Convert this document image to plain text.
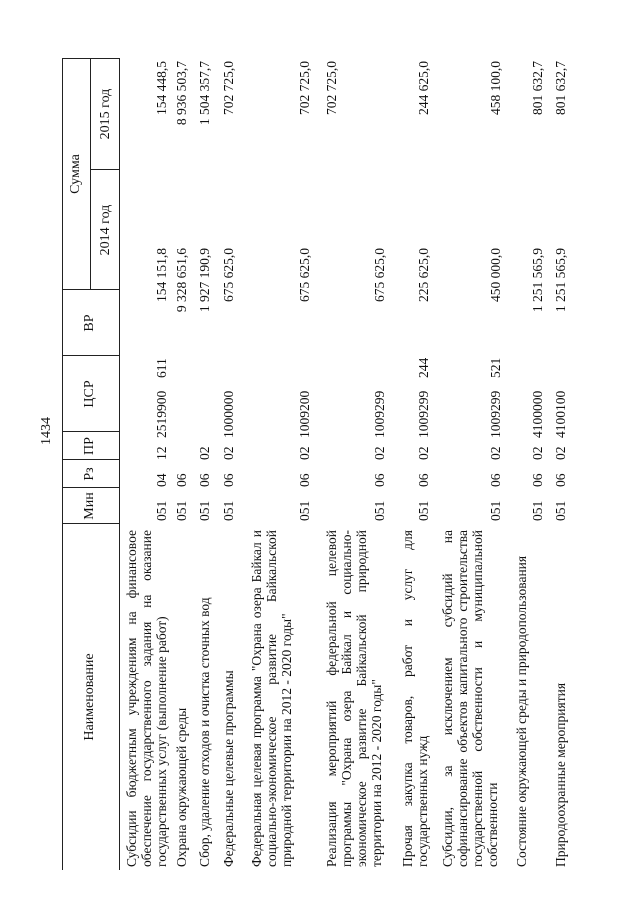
1434
Наименование
Мин
Рз
ПР
ЦСР
ВР
Сумма
2014 год
2015 год
Субсидии бюджетным учреждениям на финансовое обеспечение государственного задания на оказание государственных услуг (выполнение работ)
051
04
12
2519900
611
154 151,8
154 448,5
Охрана окружающей среды
051
06
9 328 651,6
8 936 503,7
Сбор, удаление отходов и очистка сточных вод
051
06
02
1 927 190,9
1 504 357,7
Федеральные целевые программы
051
06
02
1000000
675 625,0
702 725,0
Федеральная целевая программа "Охрана озера Байкал и социально-экономическое развитие Байкальской природной территории на 2012 - 2020 годы"
051
06
02
1009200
675 625,0
702 725,0
Реализация мероприятий федеральной целевой программы "Охрана озера Байкал и социально-экономическое развитие Байкальской природной территории на 2012 - 2020 годы"
051
06
02
1009299
675 625,0
702 725,0
Прочая закупка товаров, работ и услуг для государственных нужд
051
06
02
1009299
244
225 625,0
244 625,0
Субсидии, за исключением субсидий на софинансирование объектов капитального строительства государственной собственности и муниципальной собственности
051
06
02
1009299
521
450 000,0
458 100,0
Состояние окружающей среды и природопользования
051
06
02
4100000
1 251 565,9
801 632,7
Природоохранные мероприятия
051
06
02
4100100
1 251 565,9
801 632,7
